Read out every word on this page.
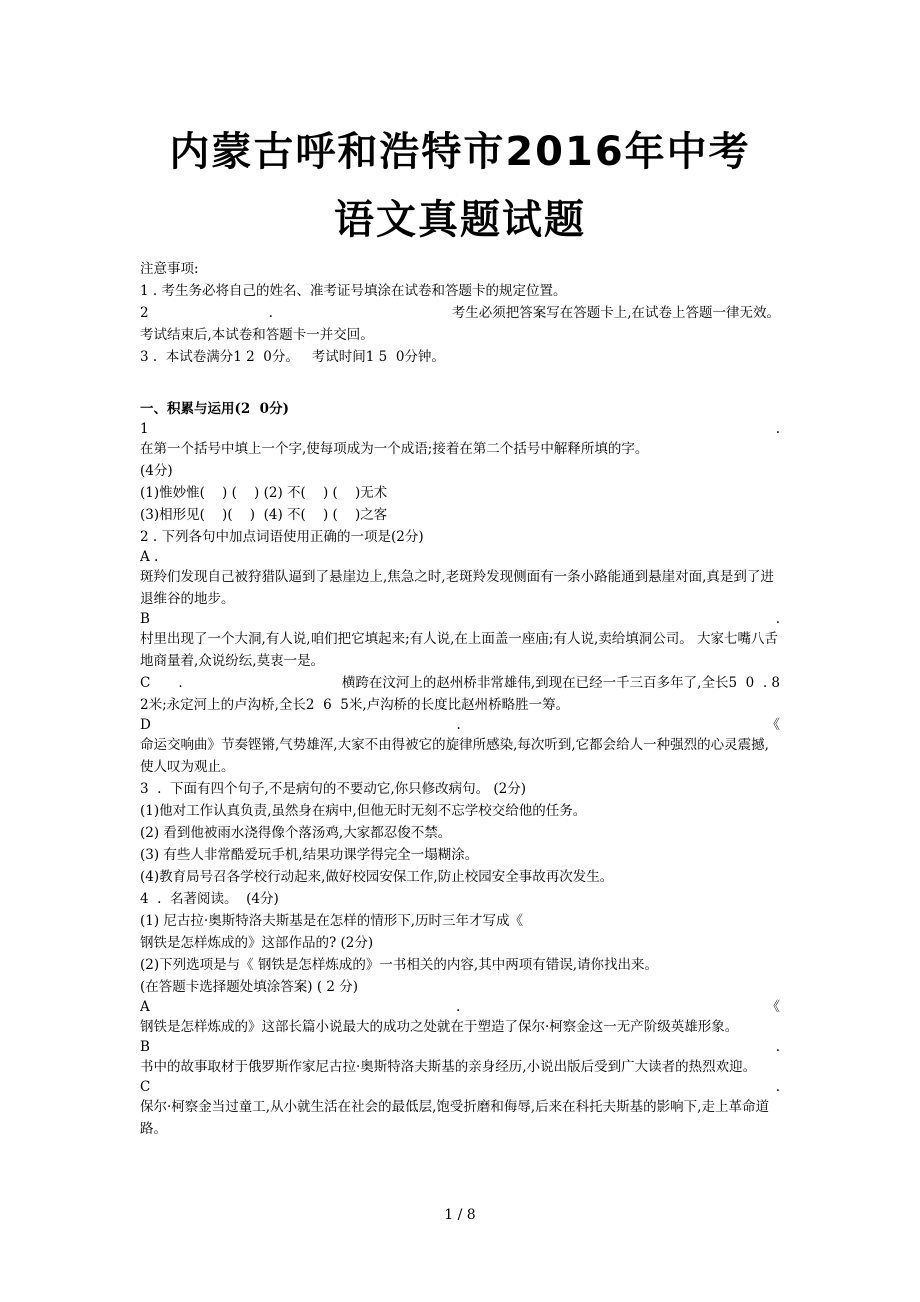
内蒙古呼和浩特市2016年中考
语文真题试题

注意事项:

1 . 考生务必将自己的姓名、准考证号填涂在试卷和答题卡的规定位置。

2	.	考生必须把答案写在答题卡上,在试卷上答题一律无效。

考试结束后,本试卷和答题卡一并交回。

3 .  本试卷满分1 2  0分。   考试时间1 5  0分钟。

一、积累与运用(2  0分)

1	.

在第一个括号中填上一个字,使每项成为一个成语;接着在第二个括号中解释所填的字。

(4分)

(1)惟妙惟(    ) (    ) (2) 不(    ) (    )无术

(3)相形见(    )(    )  (4) 不(    ) (    )之客

2 . 下列各句中加点词语使用正确的一项是(2分)

A .

斑羚们发现自己被狩猎队逼到了悬崖边上,焦急之时,老斑羚发现侧面有一条小路能通到悬崖对面,真是到了进退维谷的地步。

B	.

村里出现了一个大洞,有人说,咱们把它填起来;有人说,在上面盖一座庙;有人说,卖给填洞公司。 大家七嘴八舌地商量着,众说纷纭,莫衷一是。

C .	横跨在汶河上的赵州桥非常雄伟,到现在已经一千三百多年了,全长5  0  . 8

2米;永定河上的卢沟桥,全长2  6  5米,卢沟桥的长度比赵州桥略胜一筹。

D	.	《

命运交响曲》节奏铿锵,气势雄浑,大家不由得被它的旋律所感染,每次听到,它都会给人一种强烈的心灵震撼,使人叹为观止。

3  .  下面有四个句子,不是病句的不要动它,你只修改病句。 (2分)

(1)他对工作认真负责,虽然身在病中,但他无时无刻不忘学校交给他的任务。

(2) 看到他被雨水浇得像个落汤鸡,大家都忍俊不禁。

(3) 有些人非常酷爱玩手机,结果功课学得完全一塌糊涂。

(4)教育局号召各学校行动起来,做好校园安保工作,防止校园安全事故再次发生。

4  .  名著阅读。  (4分)

(1) 尼古拉·奥斯特洛夫斯基是在怎样的情形下,历时三年才写成《

钢铁是怎样炼成的》这部作品的? (2分)

(2)下列选项是与《 钢铁是怎样炼成的》一书相关的内容,其中两项有错误,请你找出来。

(在答题卡选择题处填涂答案) ( 2 分)

A	.	《

钢铁是怎样炼成的》这部长篇小说最大的成功之处就在于塑造了保尔·柯察金这一无产阶级英雄形象。

B	.

书中的故事取材于俄罗斯作家尼古拉·奥斯特洛夫斯基的亲身经历,小说出版后受到广大读者的热烈欢迎。

C	.

保尔·柯察金当过童工,从小就生活在社会的最低层,饱受折磨和侮辱,后来在科托夫斯基的影响下,走上革命道路。

1 / 8
